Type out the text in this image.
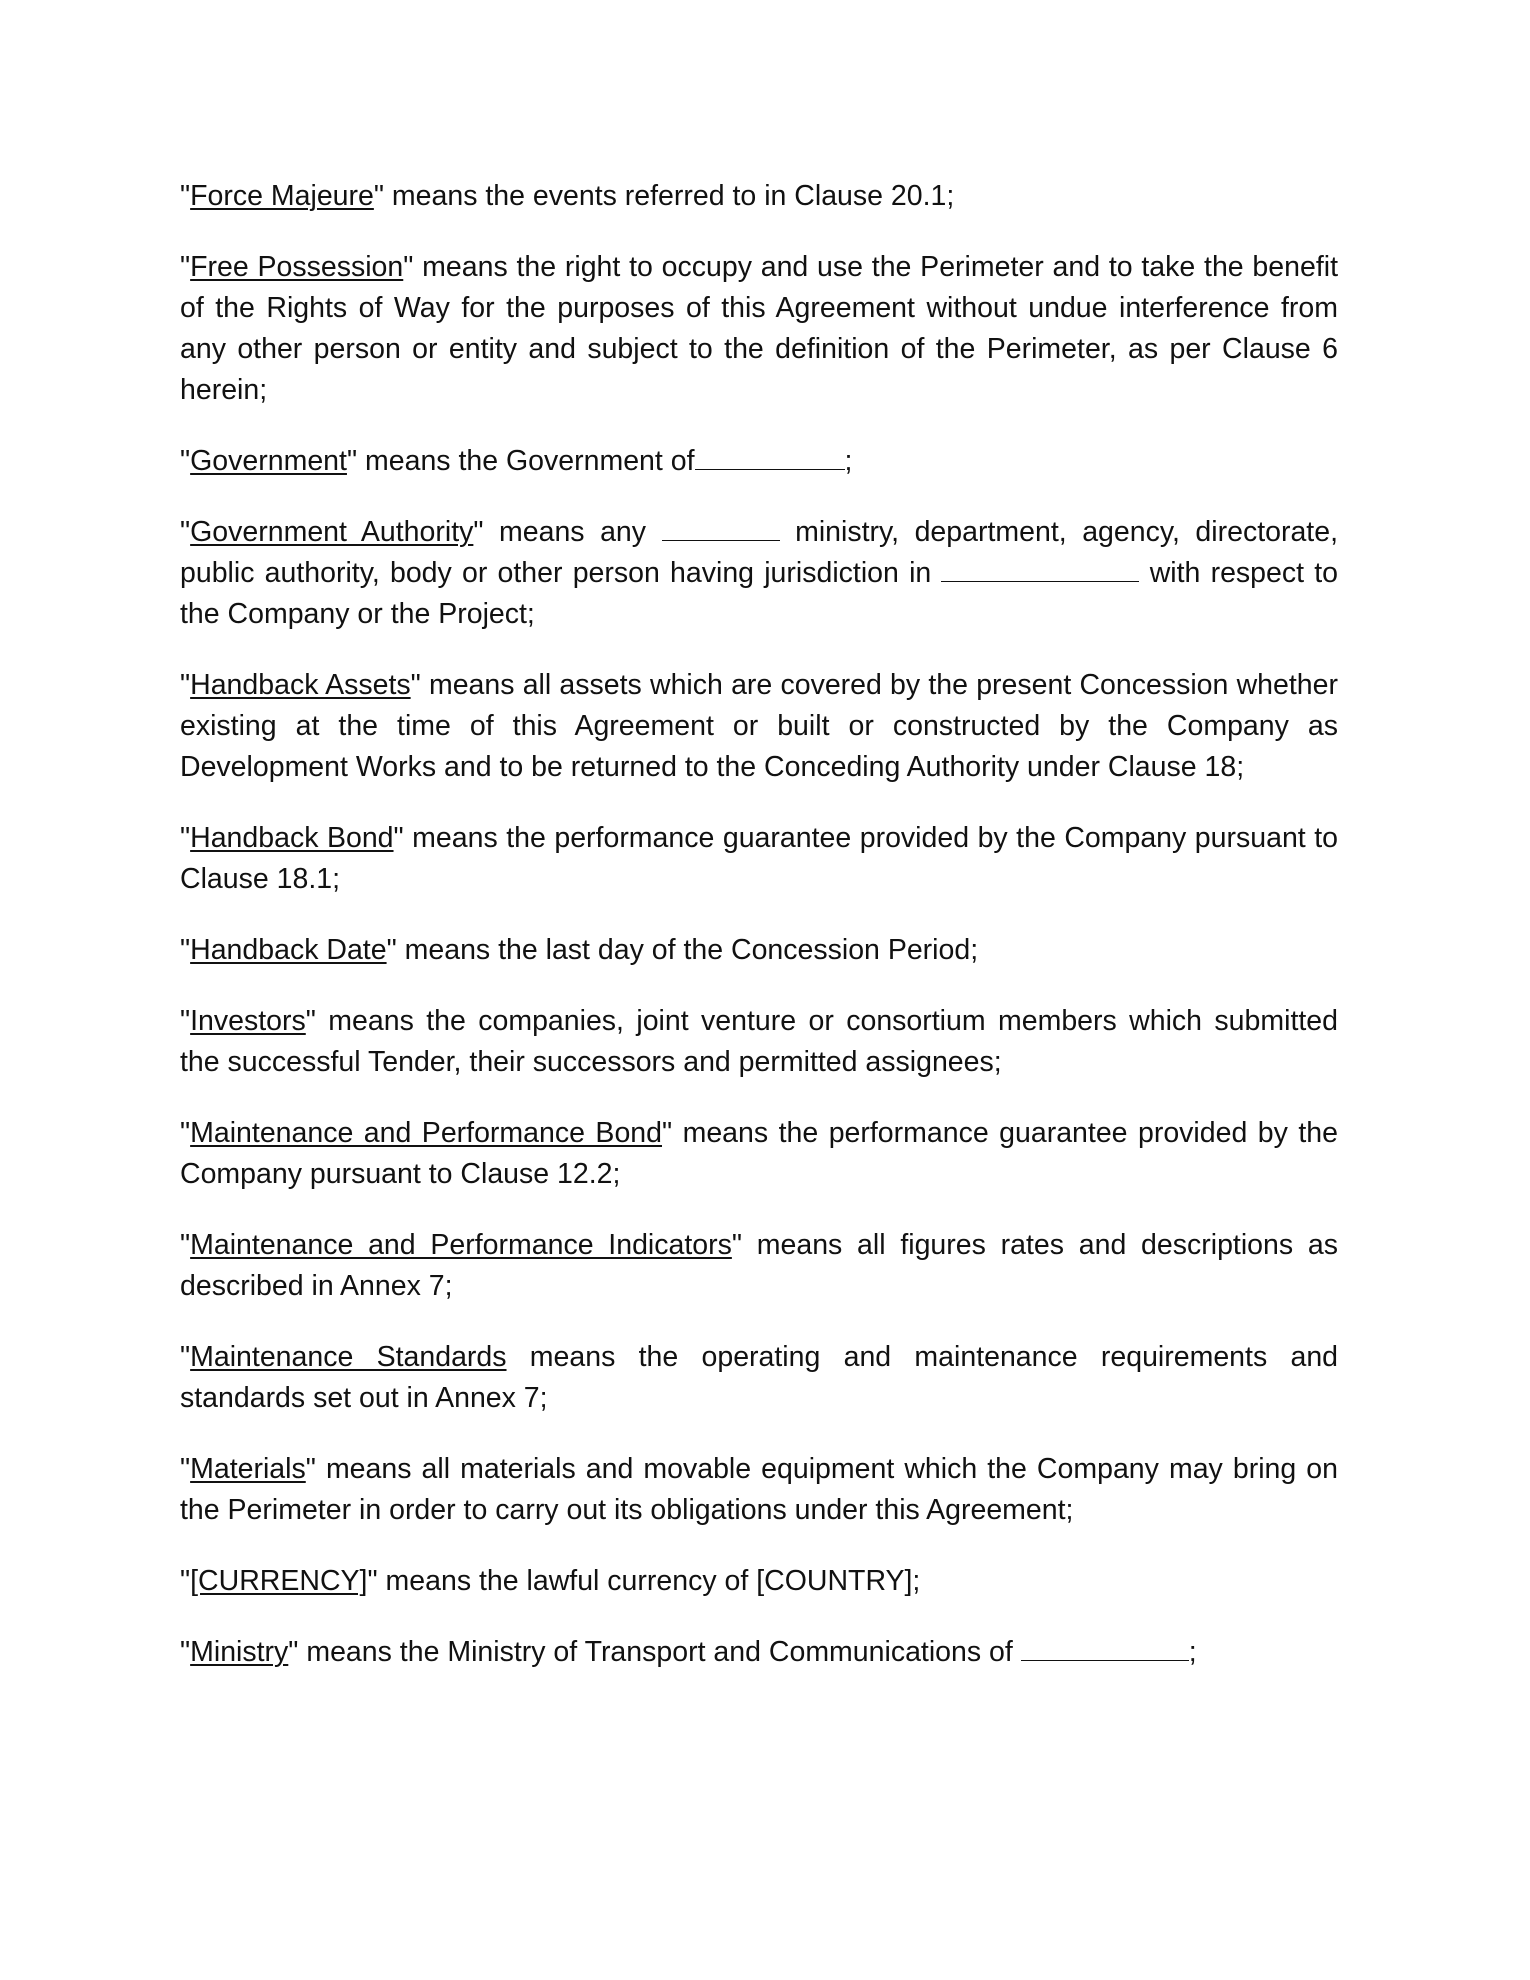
"Force Majeure" means the events referred to in Clause 20.1;

"Free Possession" means the right to occupy and use the Perimeter and to take the benefit of the Rights of Way for the purposes of this Agreement without undue interference from any other person or entity and subject to the definition of the Perimeter, as per Clause 6 herein;

"Government" means the Government of	;

"Government Authority" means any	ministry, department, agency, directorate, public authority, body or other person having jurisdiction in	with respect to the Company or the Project;

"Handback Assets" means all assets which are covered by the present Concession whether existing at the time of this Agreement or built or constructed by the Company as Development Works and to be returned to the Conceding Authority under Clause 18;

"Handback Bond" means the performance guarantee provided by the Company pursuant to Clause 18.1;

"Handback Date" means the last day of the Concession Period;

"Investors" means the companies, joint venture or consortium members which submitted the successful Tender, their successors and permitted assignees;

"Maintenance and Performance Bond" means the performance guarantee provided by the Company pursuant to Clause 12.2;

"Maintenance and Performance Indicators" means all figures rates and descriptions as described in Annex 7;

"Maintenance Standards means the operating and maintenance requirements and standards set out in Annex 7;

"Materials" means all materials and movable equipment which the Company may bring on the Perimeter in order to carry out its obligations under this Agreement;

"[CURRENCY]" means the lawful currency of [COUNTRY];

"Ministry" means the Ministry of Transport and Communications of	;
